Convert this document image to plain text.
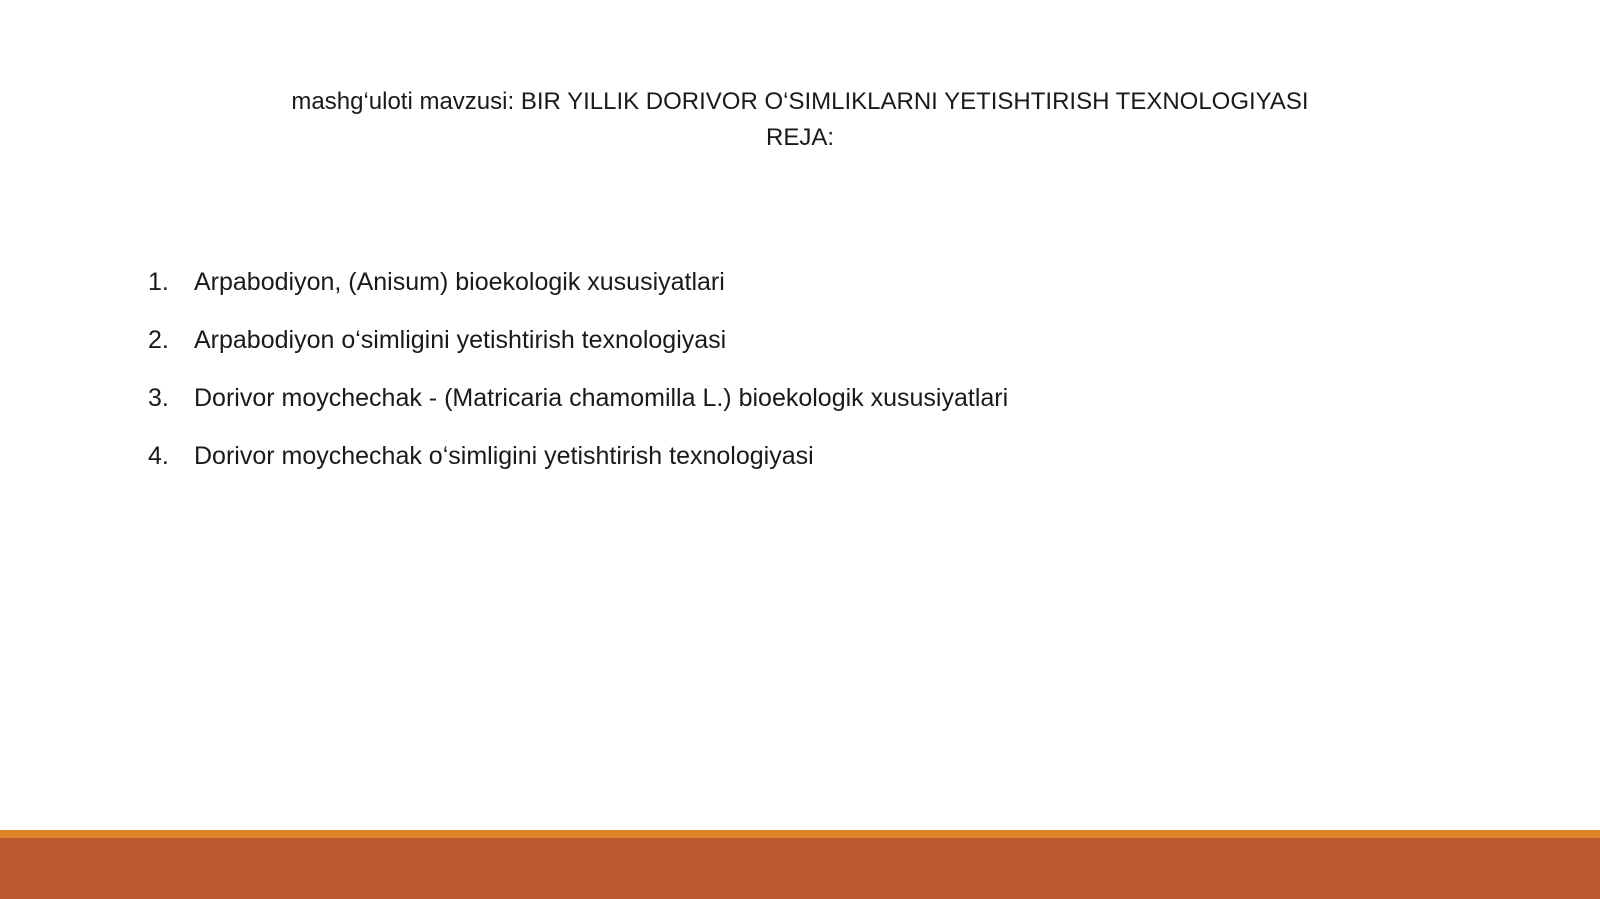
mashg‘uloti mavzusi: BIR YILLIK DORIVOR O‘SIMLIKLARNI YETISHTIRISH TEXNOLOGIYASI
REJA:
1.	Arpabodiyon, (Anisum) bioekologik xususiyatlari
2.	Arpabodiyon o‘simligini yetishtirish texnologiyasi
3.	Dorivor moychechak - (Matricaria chamomilla L.) bioekologik xususiyatlari
4.	Dorivor moychechak o‘simligini yetishtirish texnologiyasi
